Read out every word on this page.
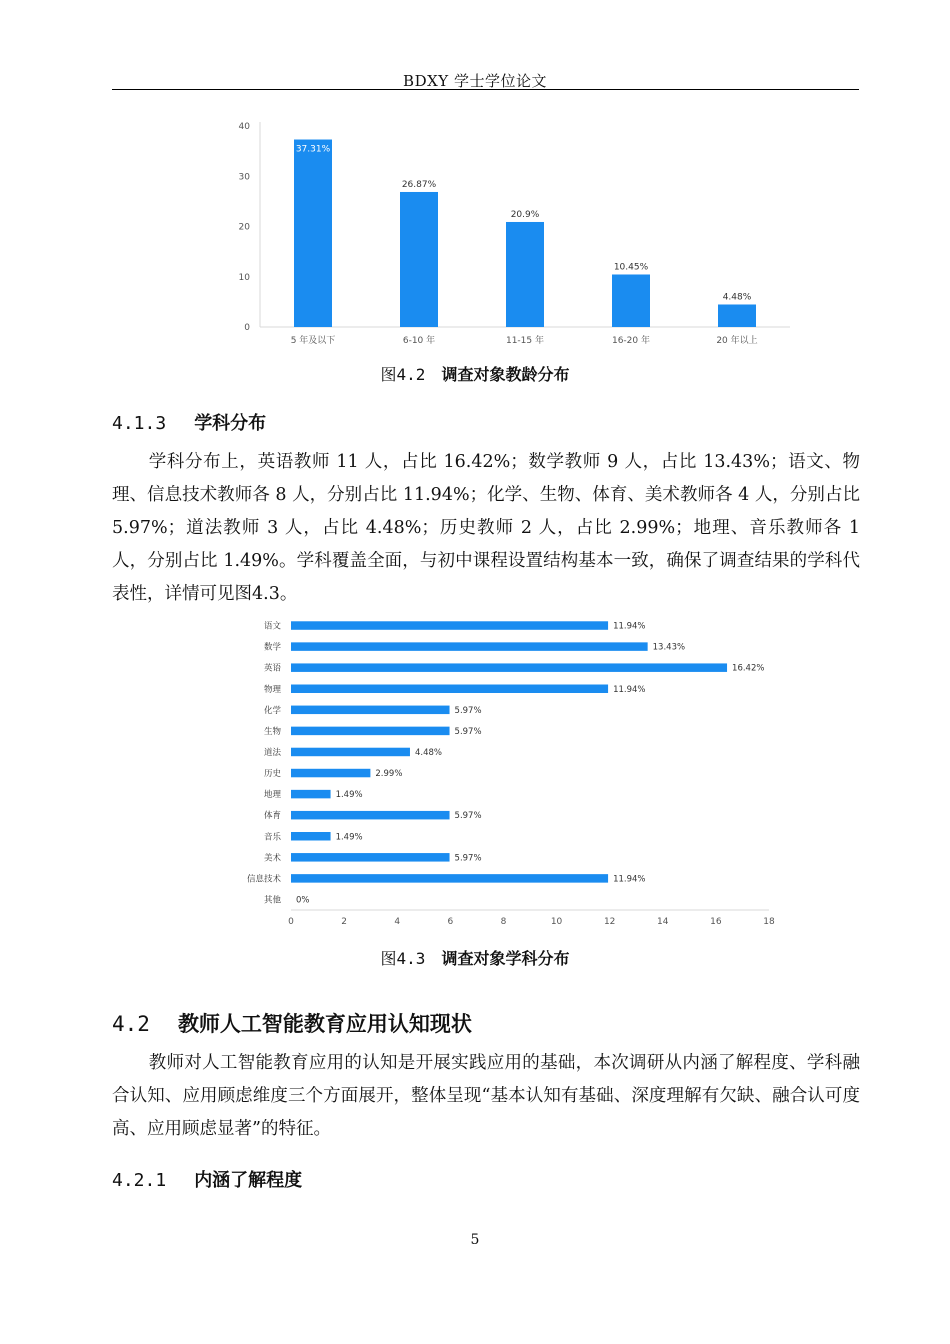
BDXY 学士学位论文
0
10
20
30
40
37.31%
5 年及以下
26.87%
6-10 年
20.9%
11-15 年
10.45%
16-20 年
4.48%
20 年以上
图4.2 调查对象教龄分布
4.1.3 学科分布

学科分布上，英语教师 11 人，占比 16.42%；数学教师 9 人，占比 13.43%；语文、物理、信息技术教师各 8 人，分别占比 11.94%；化学、生物、体育、美术教师各 4 人，分别占比 5.97%；道法教师 3 人，占比 4.48%；历史教师 2 人，占比 2.99%；地理、音乐教师各 1 人，分别占比 1.49%。学科覆盖全面，与初中课程设置结构基本一致，确保了调查结果的学科代表性，详情可见图4.3。

0	2	4	6	8	10	12	14	16	18
语文	11.94%
数学	13.43%
英语	16.42%
物理	11.94%
化学	5.97%
生物	5.97%
道法	4.48%
历史	2.99%
地理	1.49%
体育	5.97%
音乐	1.49%
美术	5.97%
信息技术	11.94%
其他 0%
图4.3 调查对象学科分布
4.2 教师人工智能教育应用认知现状

教师对人工智能教育应用的认知是开展实践应用的基础，本次调研从内涵了解程度、学科融合认知、应用顾虑维度三个方面展开，整体呈现“基本认知有基础、深度理解有欠缺、融合认可度高、应用顾虑显著”的特征。

4.2.1 内涵了解程度
5
